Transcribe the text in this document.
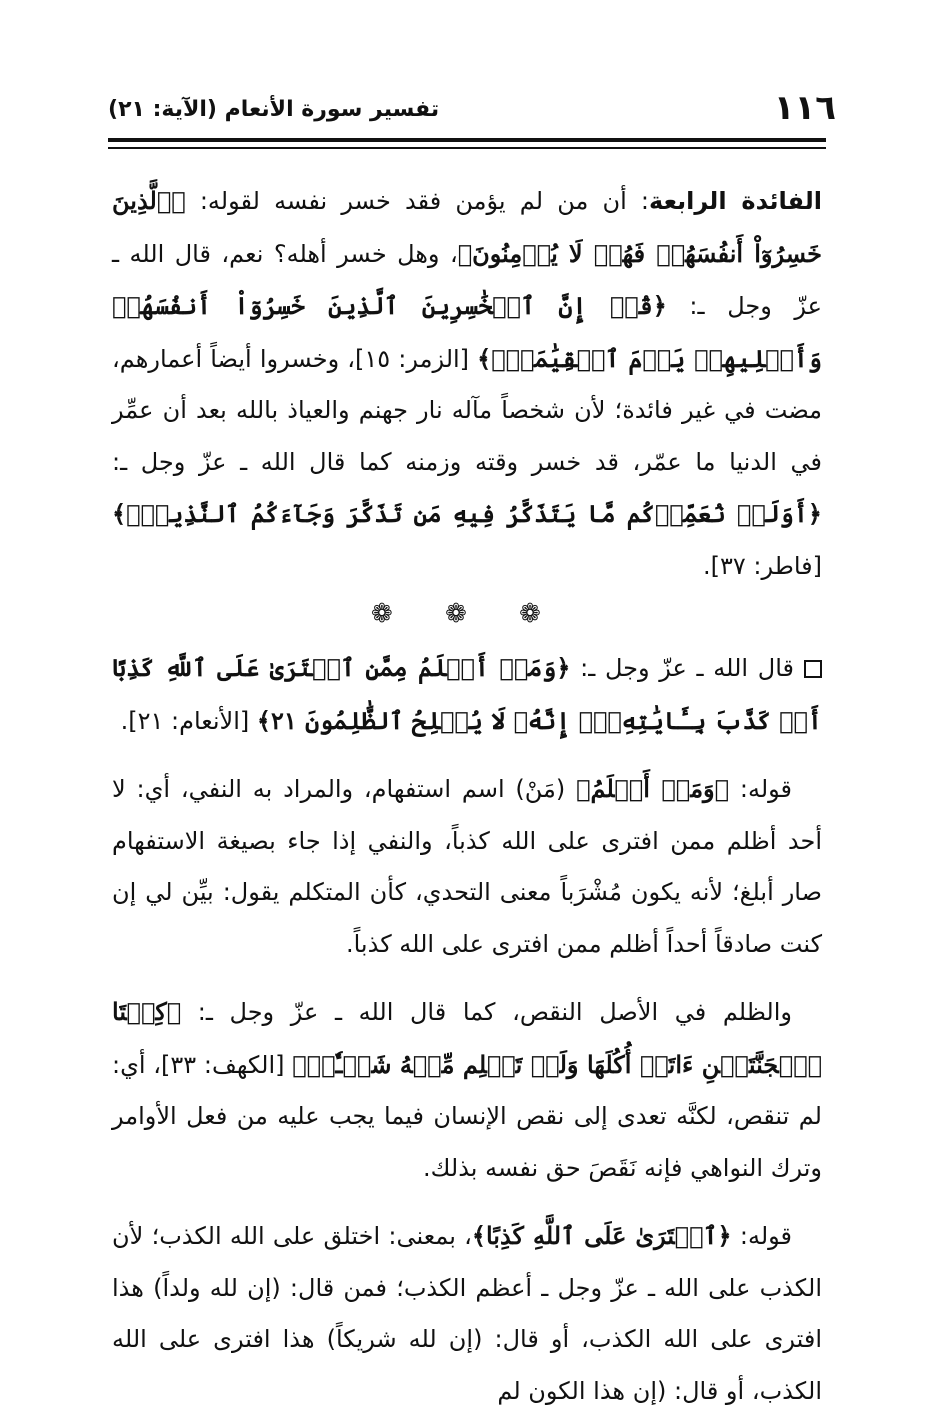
١١٦
تفسير سورة الأنعام (الآية: ٢١)

الفائدة الرابعة: أن من لم يؤمن فقد خسر نفسه لقوله: ﴿ٱلَّذِينَ خَسِرُوٓاْ أَنفُسَهُمۡ فَهُمۡ لَا يُؤۡمِنُونَ﴾، وهل خسر أهله؟ نعم، قال الله ـ عزّ وجل ـ: ﴿قُلۡ إِنَّ ٱلۡخَٰسِرِينَ ٱلَّذِينَ خَسِرُوٓاْ أَنفُسَهُمۡ وَأَهۡلِيهِمۡ يَوۡمَ ٱلۡقِيَٰمَةِۗ﴾ [الزمر: ١٥]، وخسروا أيضاً أعمارهم، مضت في غير فائدة؛ لأن شخصاً مآله نار جهنم والعياذ بالله بعد أن عمِّر في الدنيا ما عمّر، قد خسر وقته وزمنه كما قال الله ـ عزّ وجل ـ: ﴿أَوَلَمۡ نُعَمِّرۡكُم مَّا يَتَذَكَّرُ فِيهِ مَن تَذَكَّرَ وَجَآءَكُمُ ٱلنَّذِيرُۖ﴾ [فاطر: ٣٧].

❁ ❁ ❁

قال الله ـ عزّ وجل ـ: ﴿وَمَنۡ أَظۡلَمُ مِمَّنِ ٱفۡتَرَىٰ عَلَى ٱللَّهِ كَذِبًا أَوۡ كَذَّبَ بِـَٔايَٰتِهِۦٓۚ إِنَّهُۥ لَا يُفۡلِحُ ٱلظَّٰلِمُونَ ٢١﴾ [الأنعام: ٢١].

قوله: ﴿وَمَنۡ أَظۡلَمُ﴾ (مَنْ) اسم استفهام، والمراد به النفي، أي: لا أحد أظلم ممن افترى على الله كذباً، والنفي إذا جاء بصيغة الاستفهام صار أبلغ؛ لأنه يكون مُشْرَباً معنى التحدي، كأن المتكلم يقول: بيِّن لي إن كنت صادقاً أحداً أظلم ممن افترى على الله كذباً.

والظلم في الأصل النقص، كما قال الله ـ عزّ وجل ـ: ﴿كِلۡتَا ٱلۡجَنَّتَيۡنِ ءَاتَتۡ أُكُلَهَا وَلَمۡ تَظۡلِم مِّنۡهُ شَيۡـٔٗاۚ﴾ [الكهف: ٣٣]، أي: لم تنقص، لكنَّه تعدى إلى نقص الإنسان فيما يجب عليه من فعل الأوامر وترك النواهي فإنه نَقَصَ حق نفسه بذلك.

قوله: ﴿ٱفۡتَرَىٰ عَلَى ٱللَّهِ كَذِبًا﴾، بمعنى: اختلق على الله الكذب؛ لأن الكذب على الله ـ عزّ وجل ـ أعظم الكذب؛ فمن قال: (إن لله ولداً) هذا افترى على الله الكذب، أو قال: (إن لله شريكاً) هذا افترى على الله الكذب، أو قال: (إن هذا الكون لم
